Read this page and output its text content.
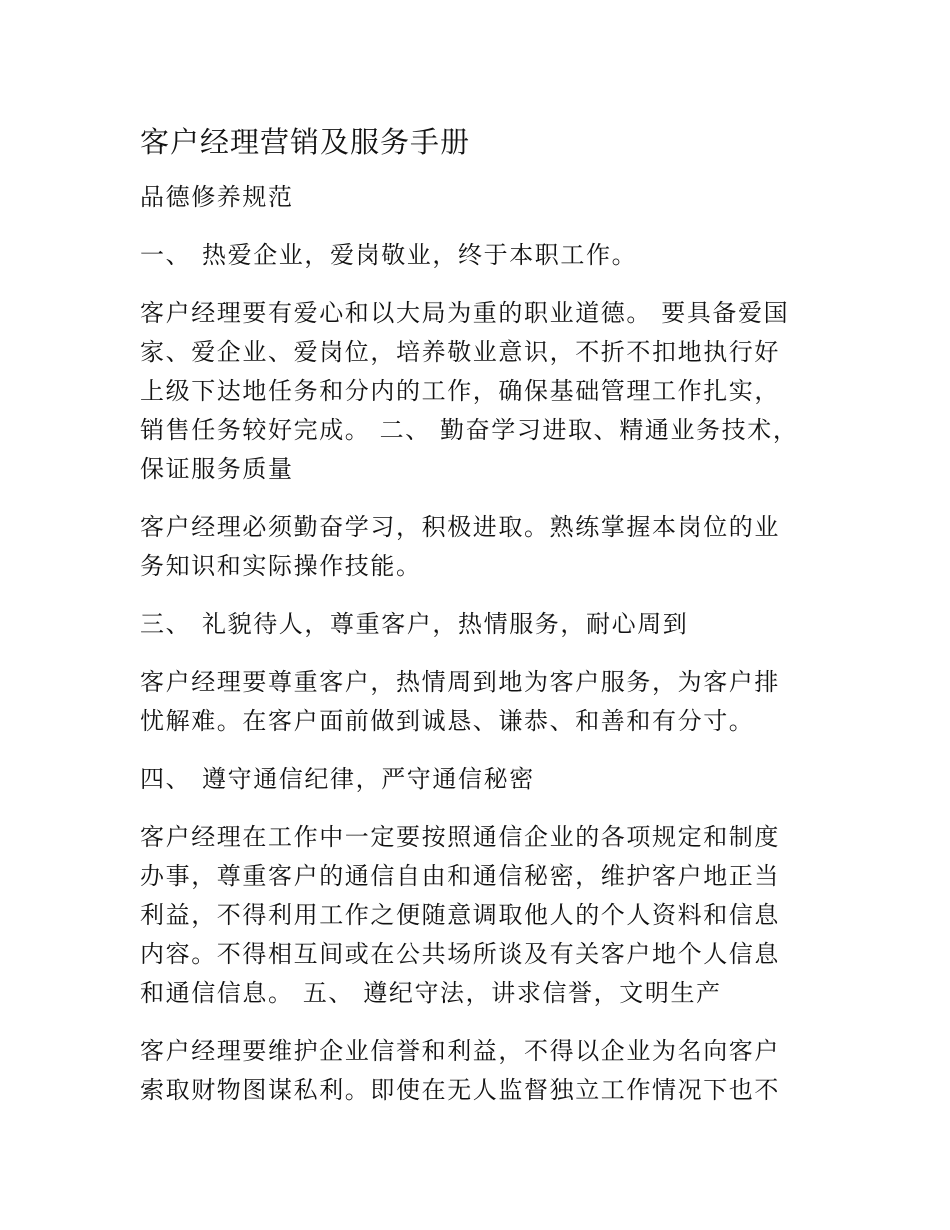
客户经理营销及服务手册
品德修养规范
一、 热爱企业，爱岗敬业，终于本职工作。
客户经理要有爱心和以大局为重的职业道德。 要具备爱国
家、爱企业、爱岗位，培养敬业意识，不折不扣地执行好
上级下达地任务和分内的工作，确保基础管理工作扎实，
销售任务较好完成。 二、 勤奋学习进取、精通业务技术，
保证服务质量
客户经理必须勤奋学习，积极进取。熟练掌握本岗位的业
务知识和实际操作技能。
三、 礼貌待人，尊重客户，热情服务，耐心周到
客户经理要尊重客户，热情周到地为客户服务，为客户排
忧解难。在客户面前做到诚恳、谦恭、和善和有分寸。
四、 遵守通信纪律，严守通信秘密
客户经理在工作中一定要按照通信企业的各项规定和制度
办事，尊重客户的通信自由和通信秘密，维护客户地正当
利益，不得利用工作之便随意调取他人的个人资料和信息
内容。不得相互间或在公共场所谈及有关客户地个人信息
和通信信息。 五、 遵纪守法，讲求信誉，文明生产
客户经理要维护企业信誉和利益，不得以企业为名向客户
索取财物图谋私利。即使在无人监督独立工作情况下也不
